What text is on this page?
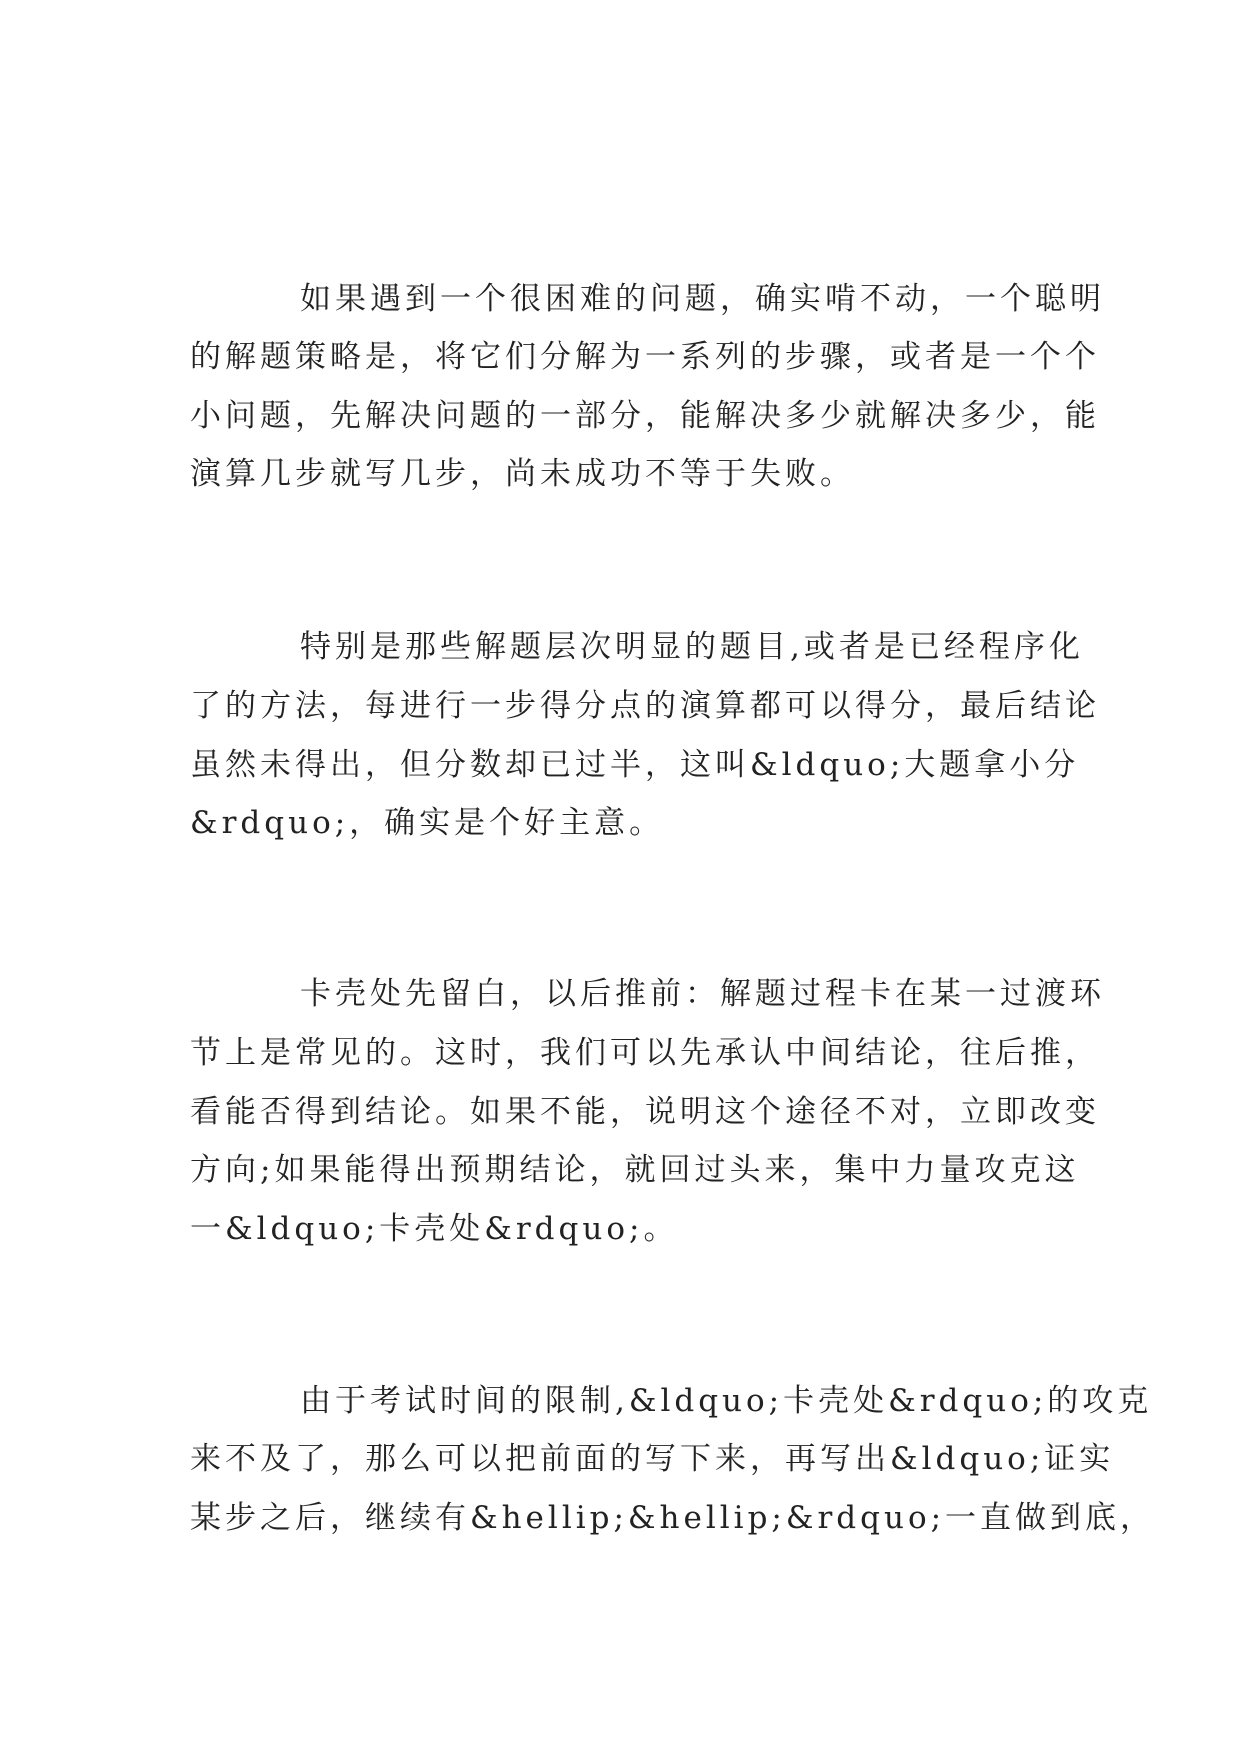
如果遇到一个很困难的问题，确实啃不动，一个聪明
的解题策略是，将它们分解为一系列的步骤，或者是一个个
小问题，先解决问题的一部分，能解决多少就解决多少，能
演算几步就写几步，尚未成功不等于失败。
特别是那些解题层次明显的题目,或者是已经程序化
了的方法，每进行一步得分点的演算都可以得分，最后结论
虽然未得出，但分数却已过半，这叫&ldquo;大题拿小分
&rdquo;，确实是个好主意。
卡壳处先留白，以后推前：解题过程卡在某一过渡环
节上是常见的。这时，我们可以先承认中间结论，往后推，
看能否得到结论。如果不能，说明这个途径不对，立即改变
方向;如果能得出预期结论，就回过头来，集中力量攻克这
一&ldquo;卡壳处&rdquo;。
由于考试时间的限制,&ldquo;卡壳处&rdquo;的攻克
来不及了，那么可以把前面的写下来，再写出&ldquo;证实
某步之后，继续有&hellip;&hellip;&rdquo;一直做到底，
